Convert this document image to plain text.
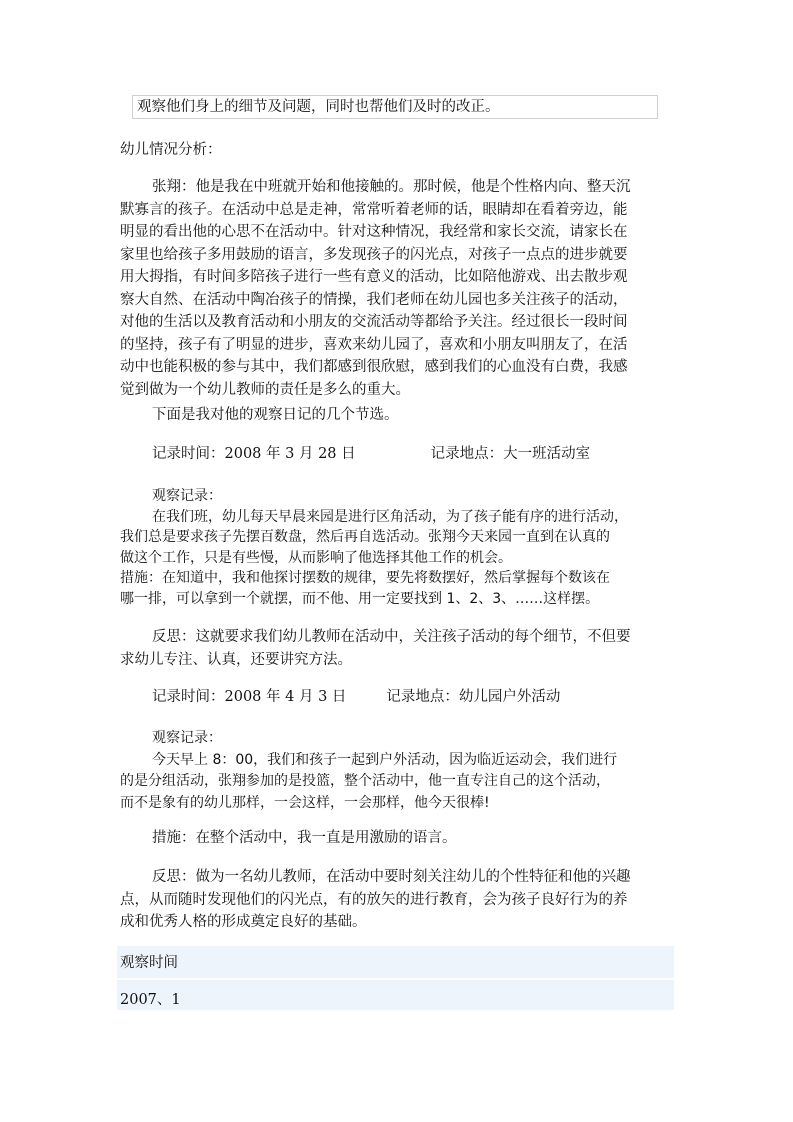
观察他们身上的细节及问题，同时也帮他们及时的改正。
幼儿情况分析：
张翔：他是我在中班就开始和他接触的。那时候，他是个性格内向、整天沉
默寡言的孩子。在活动中总是走神，常常听着老师的话，眼睛却在看着旁边，能
明显的看出他的心思不在活动中。针对这种情况，我经常和家长交流，请家长在
家里也给孩子多用鼓励的语言，多发现孩子的闪光点，对孩子一点点的进步就要
用大拇指，有时间多陪孩子进行一些有意义的活动，比如陪他游戏、出去散步观
察大自然、在活动中陶冶孩子的情操，我们老师在幼儿园也多关注孩子的活动，
对他的生活以及教育活动和小朋友的交流活动等都给予关注。经过很长一段时间
的坚持，孩子有了明显的进步，喜欢来幼儿园了，喜欢和小朋友叫朋友了，在活
动中也能积极的参与其中，我们都感到很欣慰，感到我们的心血没有白费，我感
觉到做为一个幼儿教师的责任是多么的重大。
下面是我对他的观察日记的几个节选。
记录时间：2008 年 3 月 28 日	记录地点：大一班活动室
观察记录：
在我们班，幼儿每天早晨来园是进行区角活动，为了孩子能有序的进行活动，
我们总是要求孩子先摆百数盘，然后再自选活动。张翔今天来园一直到在认真的
做这个工作，只是有些慢，从而影响了他选择其他工作的机会。
措施：在知道中，我和他探讨摆数的规律，要先将数摆好，然后掌握每个数该在
哪一排，可以拿到一个就摆，而不他、用一定要找到 1、2、3、……这样摆。
反思：这就要求我们幼儿教师在活动中，关注孩子活动的每个细节，不但要
求幼儿专注、认真，还要讲究方法。
记录时间：2008 年 4 月 3 日	记录地点：幼儿园户外活动
观察记录：
今天早上 8：00，我们和孩子一起到户外活动，因为临近运动会，我们进行
的是分组活动，张翔参加的是投篮，整个活动中，他一直专注自己的这个活动，
而不是象有的幼儿那样，一会这样，一会那样，他今天很棒!
措施：在整个活动中，我一直是用激励的语言。
反思：做为一名幼儿教师，在活动中要时刻关注幼儿的个性特征和他的兴趣
点，从而随时发现他们的闪光点，有的放矢的进行教育，会为孩子良好行为的养
成和优秀人格的形成奠定良好的基础。
观察时间
2007、1
